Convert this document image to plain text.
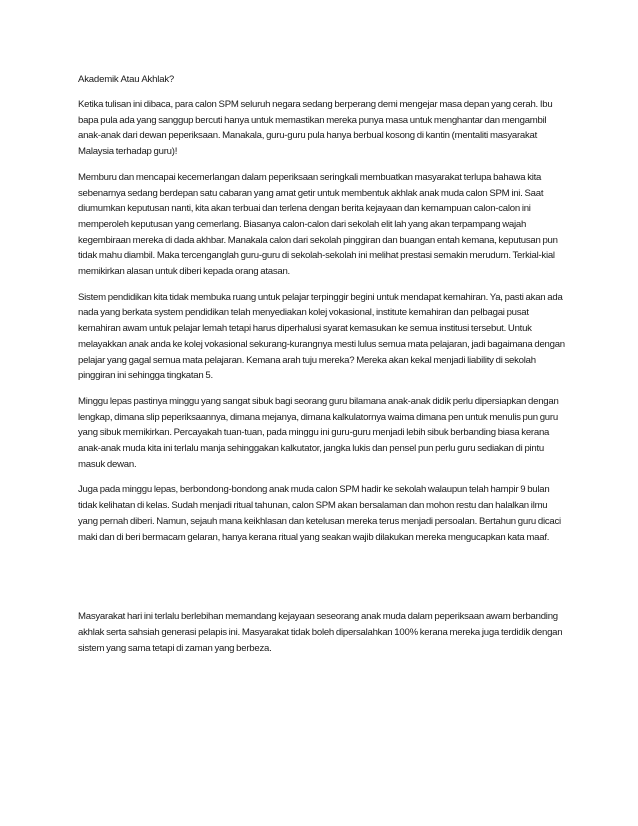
Akademik Atau Akhlak?

Ketika tulisan ini dibaca, para calon SPM seluruh negara sedang berperang demi mengejar masa depan yang cerah. Ibu bapa pula ada yang sanggup bercuti hanya untuk memastikan mereka punya masa untuk menghantar dan mengambil anak-anak dari dewan peperiksaan. Manakala, guru-guru pula hanya berbual kosong di kantin (mentaliti masyarakat Malaysia terhadap guru)!

Memburu dan mencapai kecemerlangan dalam peperiksaan seringkali membuatkan masyarakat terlupa bahawa kita sebenarnya sedang berdepan satu cabaran yang amat getir untuk membentuk akhlak anak muda calon SPM ini. Saat diumumkan keputusan nanti, kita akan terbuai dan terlena dengan berita kejayaan dan kemampuan calon-calon ini memperoleh keputusan yang cemerlang. Biasanya calon-calon dari sekolah elit lah yang akan terpampang wajah kegembiraan mereka di dada akhbar. Manakala calon dari sekolah pinggiran dan buangan entah kemana, keputusan pun tidak mahu diambil. Maka tercenganglah guru-guru di sekolah-sekolah ini melihat prestasi semakin merudum. Terkial-kial memikirkan alasan untuk diberi kepada orang atasan.

Sistem pendidikan kita tidak membuka ruang untuk pelajar terpinggir begini untuk mendapat kemahiran. Ya, pasti akan ada nada yang berkata system pendidikan telah menyediakan kolej vokasional, institute kemahiran dan pelbagai pusat kemahiran awam untuk pelajar lemah tetapi harus diperhalusi syarat kemasukan ke semua institusi tersebut. Untuk melayakkan anak anda ke kolej vokasional sekurang-kurangnya mesti lulus semua mata pelajaran, jadi bagaimana dengan pelajar yang gagal semua mata pelajaran. Kemana arah tuju mereka? Mereka akan kekal menjadi liability di sekolah pinggiran ini sehingga tingkatan 5.

Minggu lepas pastinya minggu yang sangat sibuk bagi seorang guru bilamana anak-anak didik perlu dipersiapkan dengan lengkap, dimana slip peperiksaannya, dimana mejanya, dimana kalkulatornya waima dimana pen untuk menulis pun guru yang sibuk memikirkan. Percayakah tuan-tuan, pada minggu ini guru-guru menjadi lebih sibuk berbanding biasa kerana anak-anak muda kita ini terlalu manja sehinggakan kalkutator, jangka lukis dan pensel pun perlu guru sediakan di pintu masuk dewan.

Juga pada minggu lepas, berbondong-bondong anak muda calon SPM hadir ke sekolah walaupun telah hampir 9 bulan tidak kelihatan di kelas. Sudah menjadi ritual tahunan, calon SPM akan bersalaman dan mohon restu dan halalkan ilmu yang pernah diberi. Namun, sejauh mana keikhlasan dan ketelusan mereka terus menjadi persoalan. Bertahun guru dicaci maki dan di beri bermacam gelaran, hanya kerana ritual yang seakan wajib dilakukan mereka mengucapkan kata maaf.

Masyarakat hari ini terlalu berlebihan memandang kejayaan seseorang anak muda dalam peperiksaan awam berbanding akhlak serta sahsiah generasi pelapis ini. Masyarakat tidak boleh dipersalahkan 100% kerana mereka juga terdidik dengan sistem yang sama tetapi di zaman yang berbeza.
